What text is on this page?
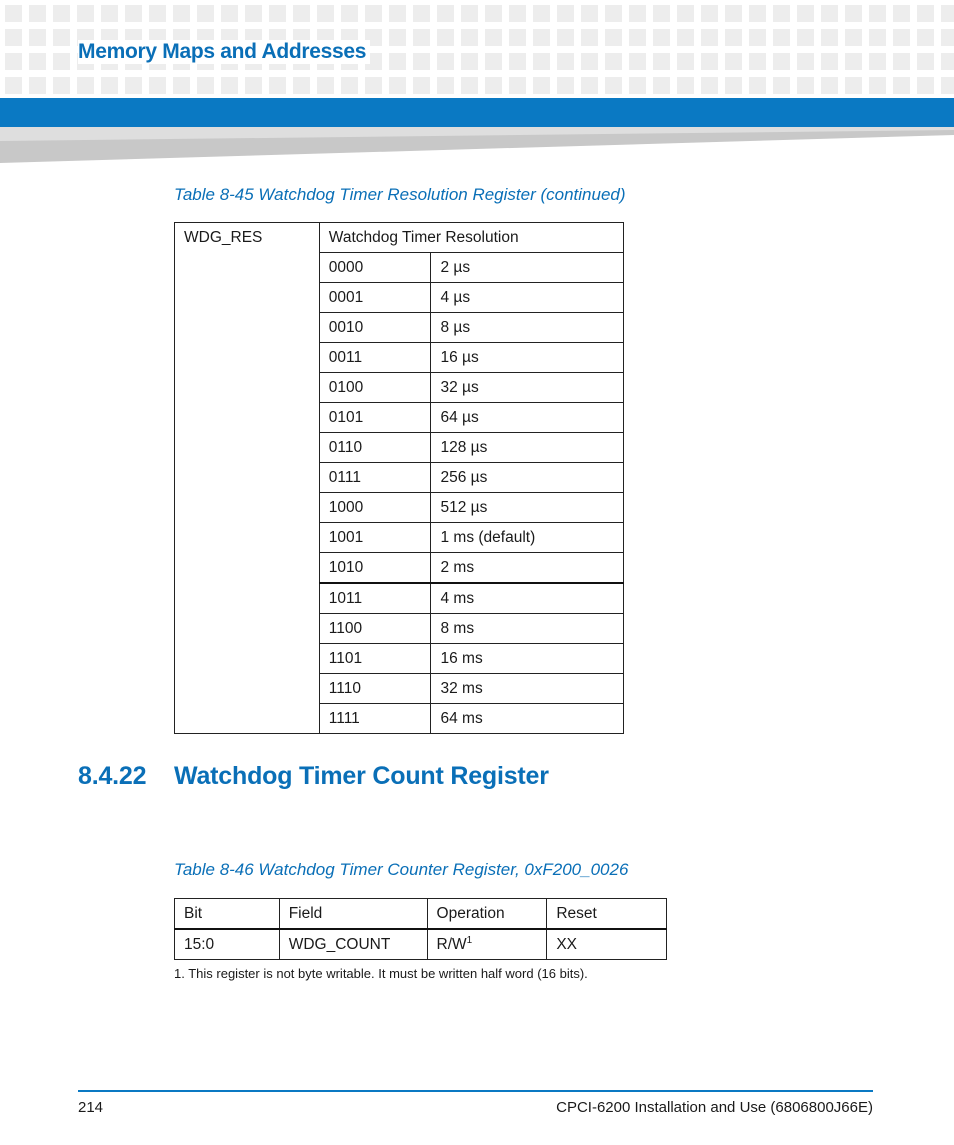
Memory Maps and Addresses
Table 8-45 Watchdog Timer Resolution Register (continued)
WDG_RES	Watchdog Timer Resolution	
	0000	2 µs
	0001	4 µs
	0010	8 µs
	0011	16 µs
	0100	32 µs
	0101	64 µs
	0110	128 µs
	0111	256 µs
	1000	512 µs
	1001	1 ms (default)
	1010	2 ms
	1011	4 ms
	1100	8 ms
	1101	16 ms
	1110	32 ms
	1111	64 ms
8.4.22 Watchdog Timer Count Register
Table 8-46 Watchdog Timer Counter Register, 0xF200_0026
Bit	Field	Operation	Reset
15:0	WDG_COUNT	$R/W^1$	XX
1. This register is not byte writable. It must be written half word (16 bits).
214	CPCI-6200 Installation and Use (6806800J66E)
